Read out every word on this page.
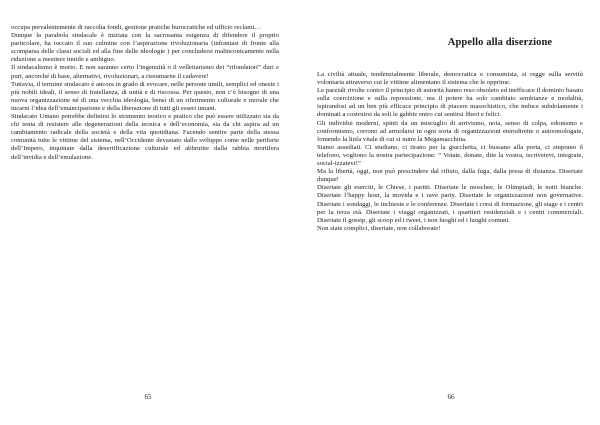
occupa prevalentemente di raccolta fondi, gestione pratiche burocratiche ed ufficio reclami…

Dunque la parabola sindacale è iniziata con la sacrosanta esigenza di difendere il proprio particolare, ha toccato il suo culmine con l’aspirazione rivoluzionaria (infrantasi di fronte alla scomparsa delle classi sociali ed alla fine delle ideologie ) per concludersi malinconicamente nella riduzione a mestiere inutile e ambiguo.

Il sindacalismo è morto. E non saranno certo l’ingenuità o il velleitarismo dei “rifondatori” duri e puri, ancorché di base, alternativi, rivoluzionari, a riesumarne il cadavere!

Tuttavia, il termine sindacato è ancora in grado di evocare, nelle persone umili, semplici ed oneste i più nobili ideali, il senso di fratellanza, di unità e di riscossa. Per questo, non c’è bisogno di una nuova organizzazione né di una vecchia ideologia, bensì di un riferimento culturale e morale che incarni l’idea dell’emancipazione e della liberazione di tutti gli esseri umani.

Sindacato Umano potrebbe definirsi lo strumento teorico e pratico che può essere utilizzato sia da chi tenta di resistere alle degenerazioni della tecnica e dell’economia, sia da chi aspira ad un cambiamento radicale della società e della vita quotidiana. Facendo sentire parte della stessa comunità tutte le vittime del sistema, nell’Occidente devastato dallo sviluppo come nelle periferie dell’Impero, inquinate dalla desertificazione culturale ed abbrutite dalla rabbia mortifera dell’invidia e dell’emulazione.

65
Appello alla diserzione

La civiltà attuale, tendenzialmente liberale, democratica e consumista, si regge sulla servitù volontaria attraverso cui le vittime alimentano il sistema che le opprime.

Le parziali rivolte contro il principio di autorità hanno reso obsoleto ed inefficace il dominio basato sulla coercizione e sulla repressione, ma il potere ha solo cambiato sembianze e modalità, ispirandosi ad un ben più efficace principio di piacere masochistico, che induce subdolamente i dominati a costruirsi da soli le gabbie entro cui sentirsi liberi e felici.

Gli individui moderni, spinti da un miscuglio di arrivismo, noia, senso di colpa, edonismo e conformismo, corrono ad arruolarsi in ogni sorta di organizzazioni eterodirette o autoomologate, fomendo la linfa vitale di cui si nutre la Megamacchina.

Siamo assediati. Ci studiano, ci tirano per la giacchetta, ci bussano alla porta, ci stuprano il telefono, vogliono la nostra partecipazione: “ Votate, donate, dite la vostra, iscrivetevi, integrate, social-izzatevi!”

Ma la libertà, oggi, non può prescindere dal rifiuto, dalla fuga, dalla presa di distanza. Disertate dunque!

Disertate gli eserciti, le Chiese, i partiti. Disertate le moschee, le Olimpiadi, le notti bianche. Disertate l’happy hour, la movida e i rave party. Disertate le organizzazioni non governative. Disertate i sondaggi, le inchieste e le conferenze. Disertate i corsi di formazione, gli stage e i centri per la terza età. Disertate i viaggi organizzati, i quartieri residenziali e i centri commerciali. Disertate il gossip, gli scoop ed i tweet, i non luoghi ed i luoghi comuni.

Non siate complici, disertate, non collaborate!

66
